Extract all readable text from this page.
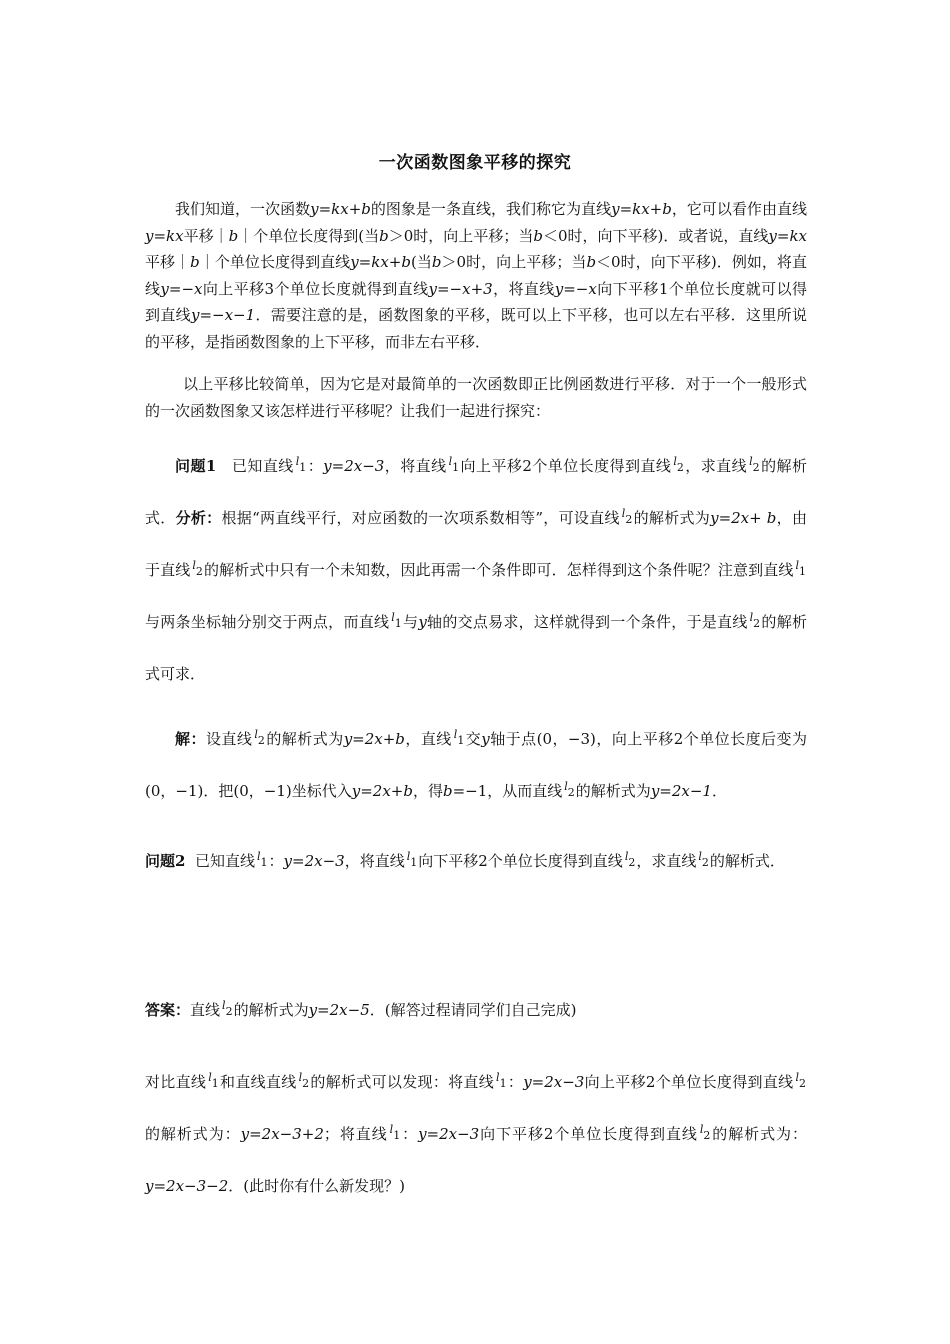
一次函数图象平移的探究

我们知道，一次函数y=kx+b的图象是一条直线，我们称它为直线y=kx+b，它可以看作由直线y=kx平移｜b｜个单位长度得到(当b＞0时，向上平移；当b＜0时，向下平移)．或者说，直线y=kx平移｜b｜个单位长度得到直线y=kx+b(当b＞0时，向上平移；当b＜0时，向下平移)．例如，将直线y=−x向上平移3个单位长度就得到直线y=−x+3，将直线y=−x向下平移1个单位长度就可以得到直线y=−x−1．需要注意的是，函数图象的平移，既可以上下平移，也可以左右平移．这里所说的平移，是指函数图象的上下平移，而非左右平移．

以上平移比较简单，因为它是对最简单的一次函数即正比例函数进行平移．对于一个一般形式的一次函数图象又该怎样进行平移呢？让我们一起进行探究：

问题1 已知直线 $^l$1：y=2x−3，将直线 $^l$1向上平移2个单位长度得到直线 $^l$2，求直线 $^l$2的解析式．分析：根据“两直线平行，对应函数的一次项系数相等”，可设直线 $^l$2的解析式为y=2x+ b，由于直线 $^l$2的解析式中只有一个未知数，因此再需一个条件即可．怎样得到这个条件呢？注意到直线 $^l$1与两条坐标轴分别交于两点，而直线 $^l$1与y轴的交点易求，这样就得到一个条件，于是直线 $^l$2的解析式可求．

解：设直线 $^l$2的解析式为y=2x+b，直线 $^l$1交y轴于点(0，−3)，向上平移2个单位长度后变为(0，−1)．把(0，−1)坐标代入y=2x+b，得b=−1，从而直线 $^l$2的解析式为y=2x−1．

问题2 已知直线 $^l$1：y=2x−3，将直线 $^l$1向下平移2个单位长度得到直线 $^l$2，求直线 $^l$2的解析式．

答案：直线 $^l$2的解析式为y=2x−5．(解答过程请同学们自己完成)

对比直线 $^l$1和直线直线 $^l$2的解析式可以发现：将直线 $^l$1：y=2x−3向上平移2个单位长度得到直线 $^l$2的解析式为：y=2x−3+2；将直线 $^l$1：y=2x−3向下平移2个单位长度得到直线 $^l$2的解析式为：y=2x−3−2．(此时你有什么新发现？)
